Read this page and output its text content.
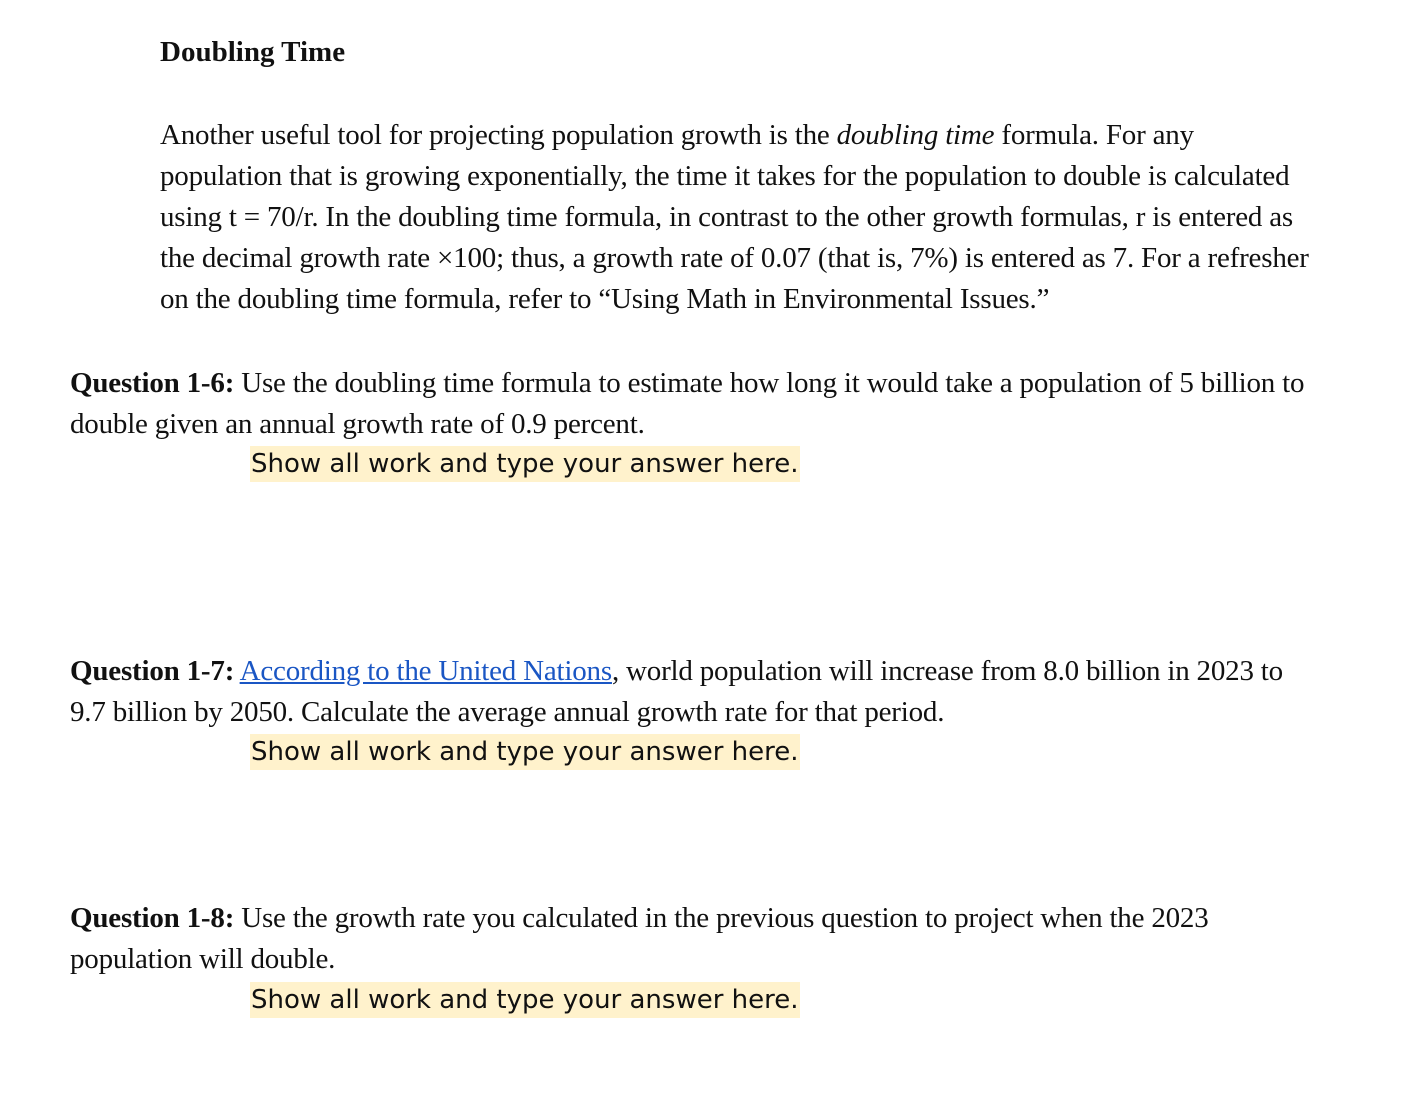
Doubling Time

Another useful tool for projecting population growth is the doubling time formula. For any
population that is growing exponentially, the time it takes for the population to double is calculated
using t = 70/r. In the doubling time formula, in contrast to the other growth formulas, r is entered as
the decimal growth rate ×100; thus, a growth rate of 0.07 (that is, 7%) is entered as 7. For a refresher
on the doubling time formula, refer to “Using Math in Environmental Issues.”

Question 1-6: Use the doubling time formula to estimate how long it would take a population of 5 billion to
double given an annual growth rate of 0.9 percent.

Show all work and type your answer here.

Question 1-7: According to the United Nations, world population will increase from 8.0 billion in 2023 to
9.7 billion by 2050. Calculate the average annual growth rate for that period.

Show all work and type your answer here.

Question 1-8: Use the growth rate you calculated in the previous question to project when the 2023
population will double.

Show all work and type your answer here.
